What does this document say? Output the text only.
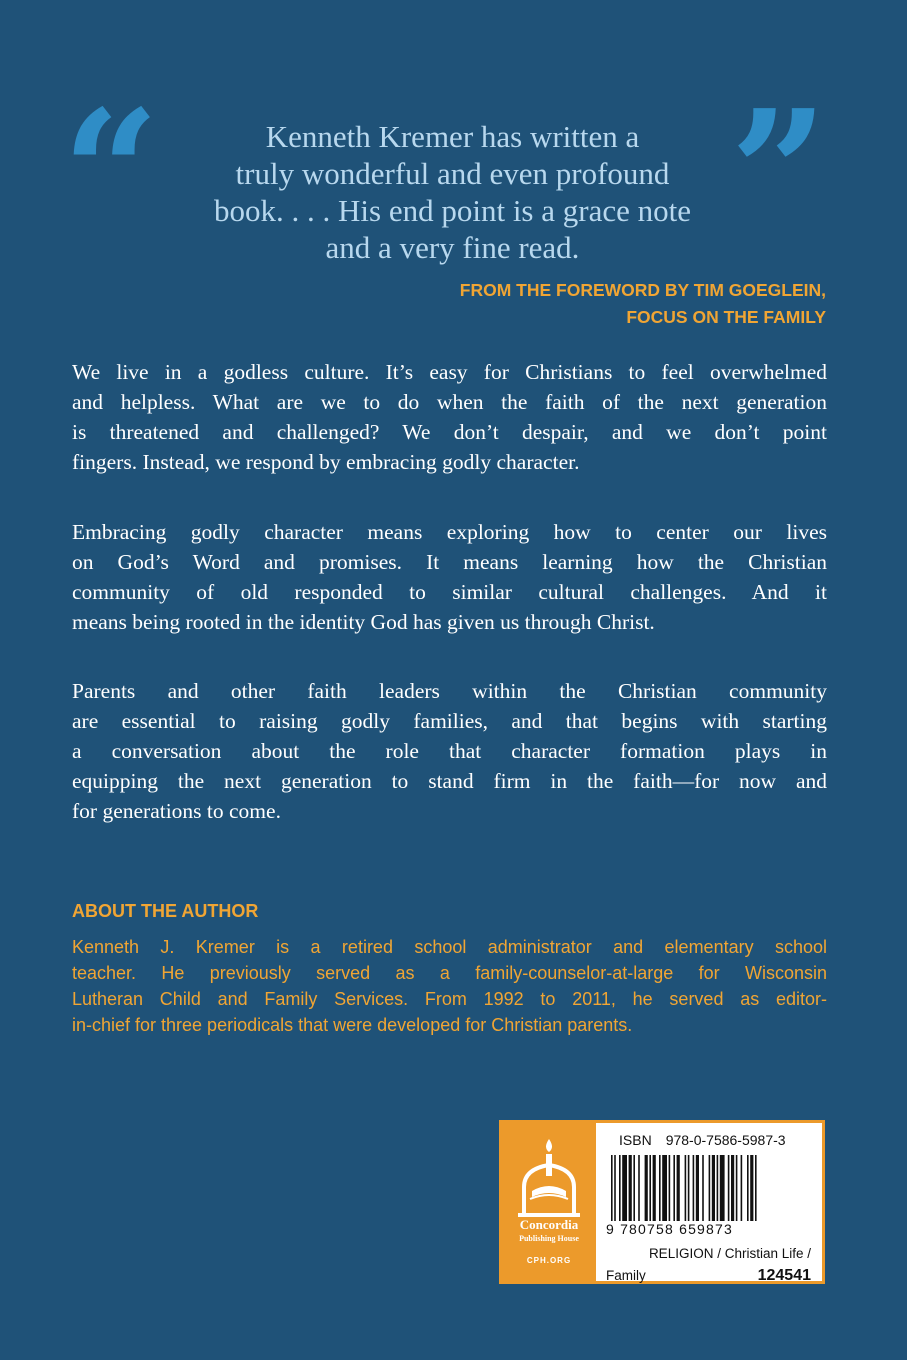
“	”
Kenneth Kremer has written a
truly wonderful and even profound
book. . . . His end point is a grace note
and a very fine read.
FROM THE FOREWORD BY TIM GOEGLEIN,
FOCUS ON THE FAMILY
We live in a godless culture. It’s easy for Christians to feel overwhelmed
and helpless. What are we to do when the faith of the next generation
is threatened and challenged? We don’t despair, and we don’t point
fingers. Instead, we respond by embracing godly character.
Embracing godly character means exploring how to center our lives
on God’s Word and promises. It means learning how the Christian
community of old responded to similar cultural challenges. And it
means being rooted in the identity God has given us through Christ.
Parents and other faith leaders within the Christian community
are essential to raising godly families, and that begins with starting
a conversation about the role that character formation plays in
equipping the next generation to stand firm in the faith—for now and
for generations to come.
ABOUT THE AUTHOR
Kenneth J. Kremer is a retired school administrator and elementary school
teacher. He previously served as a family-counselor-at-large for Wisconsin
Lutheran Child and Family Services. From 1992 to 2011, he served as editor-
in-chief for three periodicals that were developed for Christian parents.
Concordia
Publishing House
CPH.ORG
ISBN 978-0-7586-5987-3
9 780758 659873
RELIGION / Christian Life /
Family	124541
